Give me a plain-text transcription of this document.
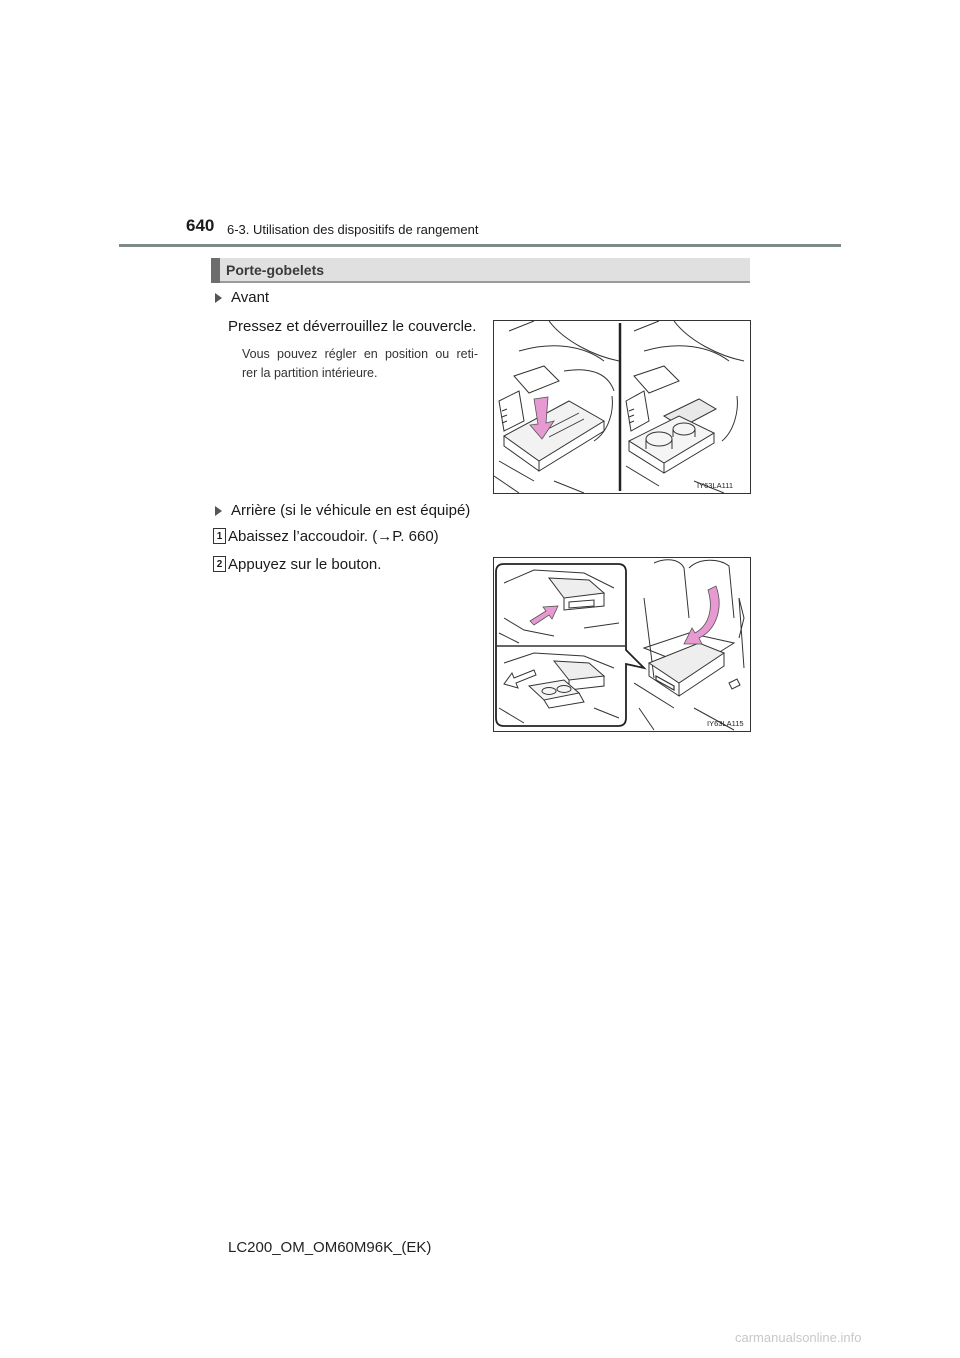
640 6-3. Utilisation des dispositifs de rangement
Porte-gobelets
Avant
Pressez et déverrouillez le couvercle.
Vous pouvez régler en position ou reti-
rer la partition intérieure.
IY63LA111
Arrière (si le véhicule en est équipé)
1 Abaissez l’accoudoir. (→P. 660)
2 Appuyez sur le bouton.
IY63LA115
LC200_OM_OM60M96K_(EK)
carmanualsonline.info
